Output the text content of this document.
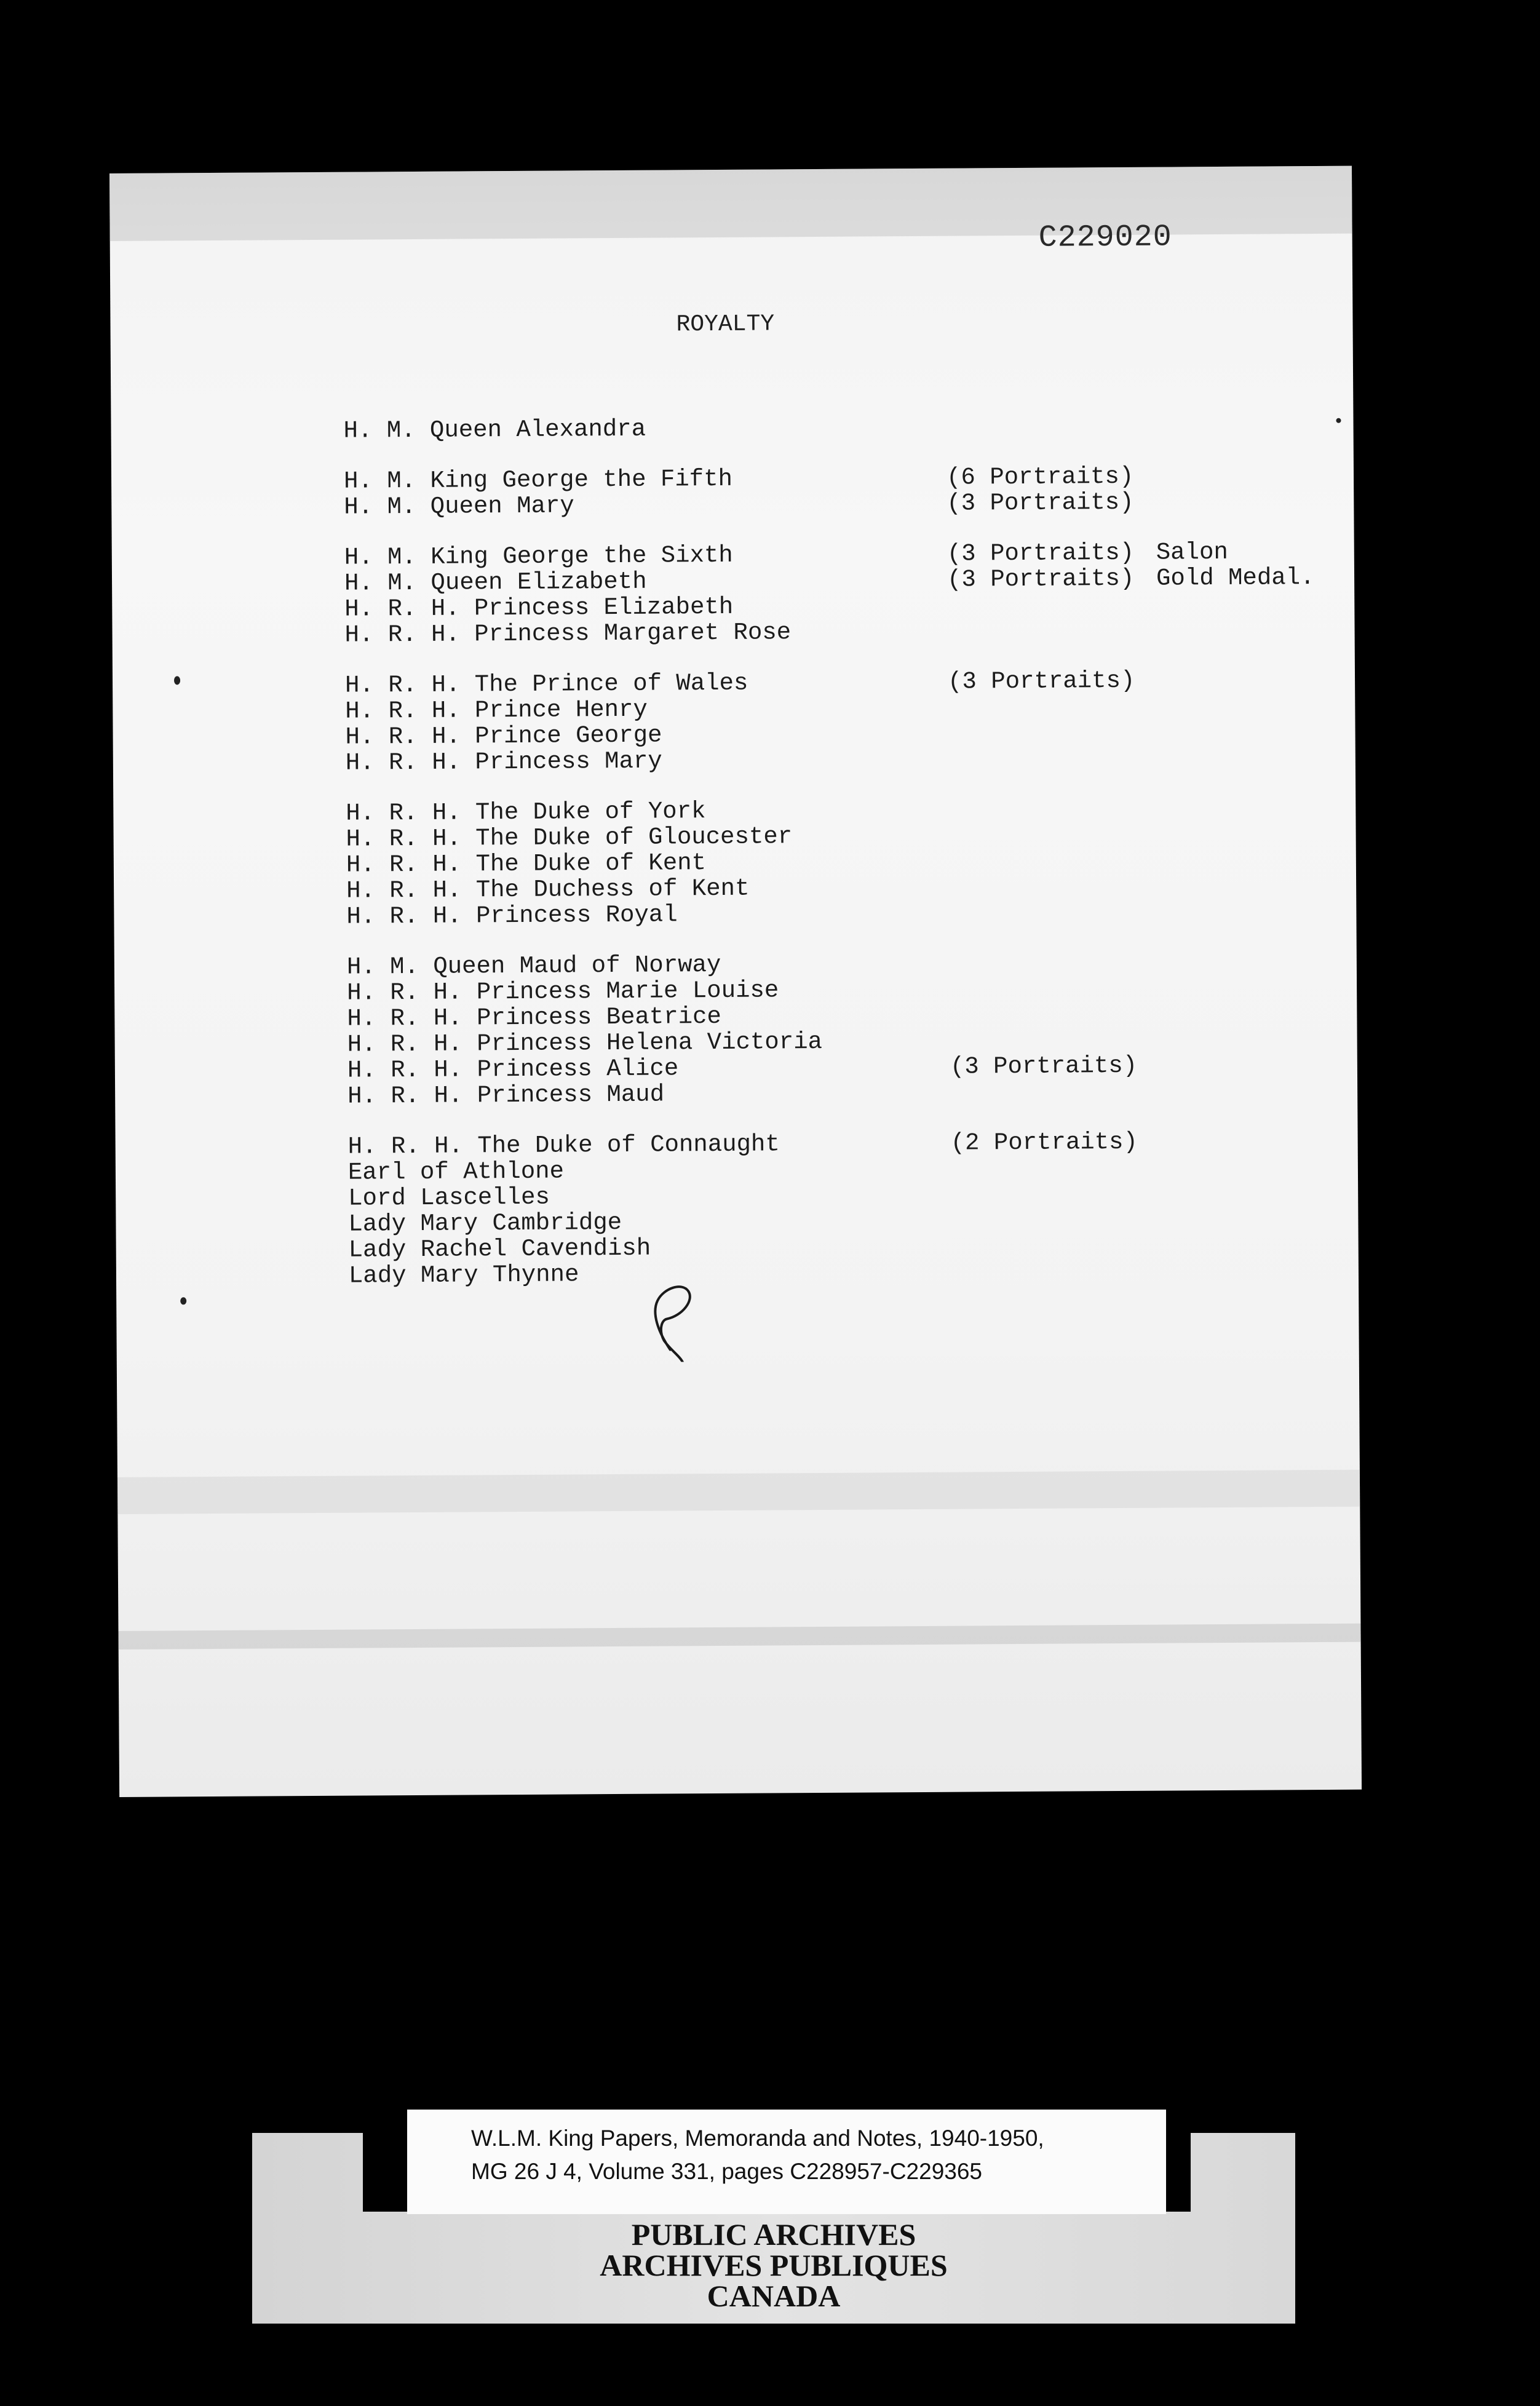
C229020
ROYALTY
H. M. Queen Alexandra
H. M. King George the Fifth	(6 Portraits)
H. M. Queen Mary	(3 Portraits)
H. M. King George the Sixth	(3 Portraits) Salon
H. M. Queen Elizabeth	(3 Portraits) Gold Medal.
H. R. H. Princess Elizabeth
H. R. H. Princess Margaret Rose
H. R. H. The Prince of Wales	(3 Portraits)
H. R. H. Prince Henry
H. R. H. Prince George
H. R. H. Princess Mary
H. R. H. The Duke of York
H. R. H. The Duke of Gloucester
H. R. H. The Duke of Kent
H. R. H. The Duchess of Kent
H. R. H. Princess Royal
H. M. Queen Maud of Norway
H. R. H. Princess Marie Louise
H. R. H. Princess Beatrice
H. R. H. Princess Helena Victoria
H. R. H. Princess Alice	(3 Portraits)
H. R. H. Princess Maud
H. R. H. The Duke of Connaught	(2 Portraits)
Earl of Athlone
Lord Lascelles
Lady Mary Cambridge
Lady Rachel Cavendish
Lady Mary Thynne
PUBLIC ARCHIVES
ARCHIVES PUBLIQUES
CANADA
W.L.M. King Papers, Memoranda and Notes, 1940-1950,
MG 26 J 4, Volume 331, pages C228957-C229365
